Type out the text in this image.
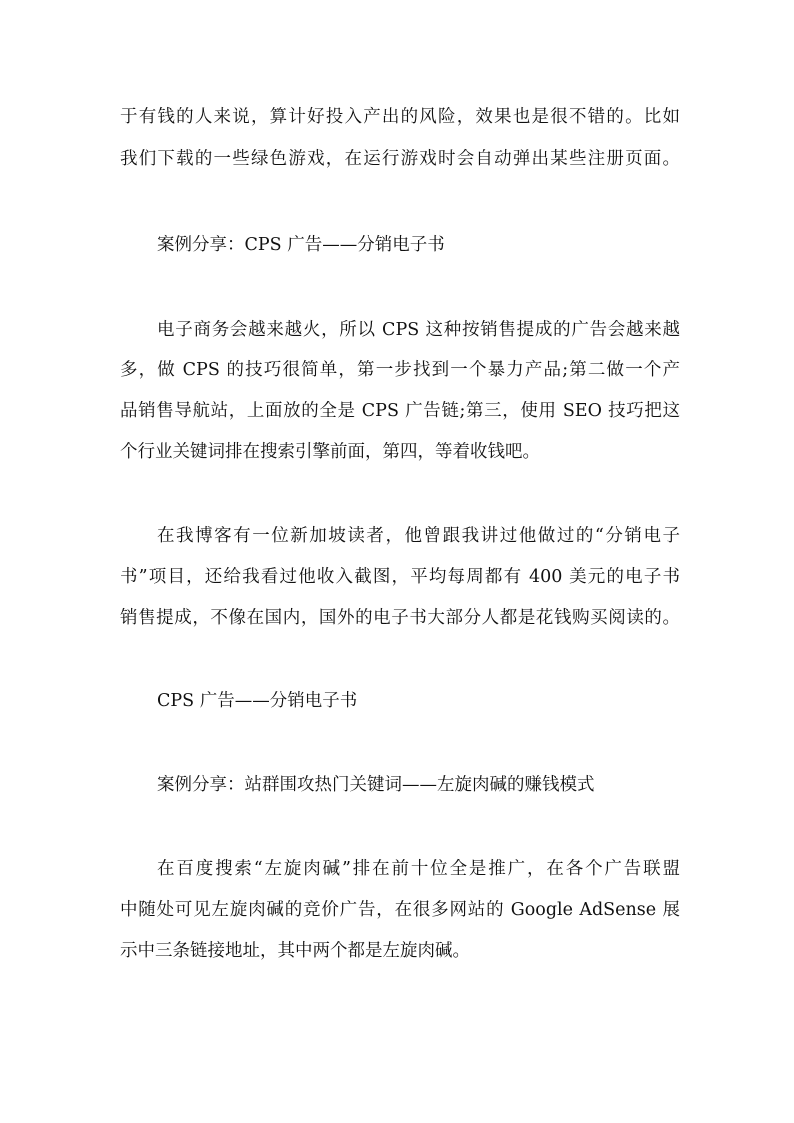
于有钱的人来说，算计好投入产出的风险，效果也是很不错的。比如
我们下载的一些绿色游戏，在运行游戏时会自动弹出某些注册页面。
案例分享：CPS 广告——分销电子书
电子商务会越来越火，所以 CPS 这种按销售提成的广告会越来越
多，做 CPS 的技巧很简单，第一步找到一个暴力产品;第二做一个产
品销售导航站，上面放的全是 CPS 广告链;第三，使用 SEO 技巧把这
个行业关键词排在搜索引擎前面，第四，等着收钱吧。
在我博客有一位新加坡读者，他曾跟我讲过他做过的“分销电子
书”项目，还给我看过他收入截图，平均每周都有 400 美元的电子书
销售提成，不像在国内，国外的电子书大部分人都是花钱购买阅读的。
CPS 广告——分销电子书
案例分享：站群围攻热门关键词——左旋肉碱的赚钱模式
在百度搜索“左旋肉碱”排在前十位全是推广，在各个广告联盟
中随处可见左旋肉碱的竞价广告，在很多网站的 Google AdSense 展
示中三条链接地址，其中两个都是左旋肉碱。
